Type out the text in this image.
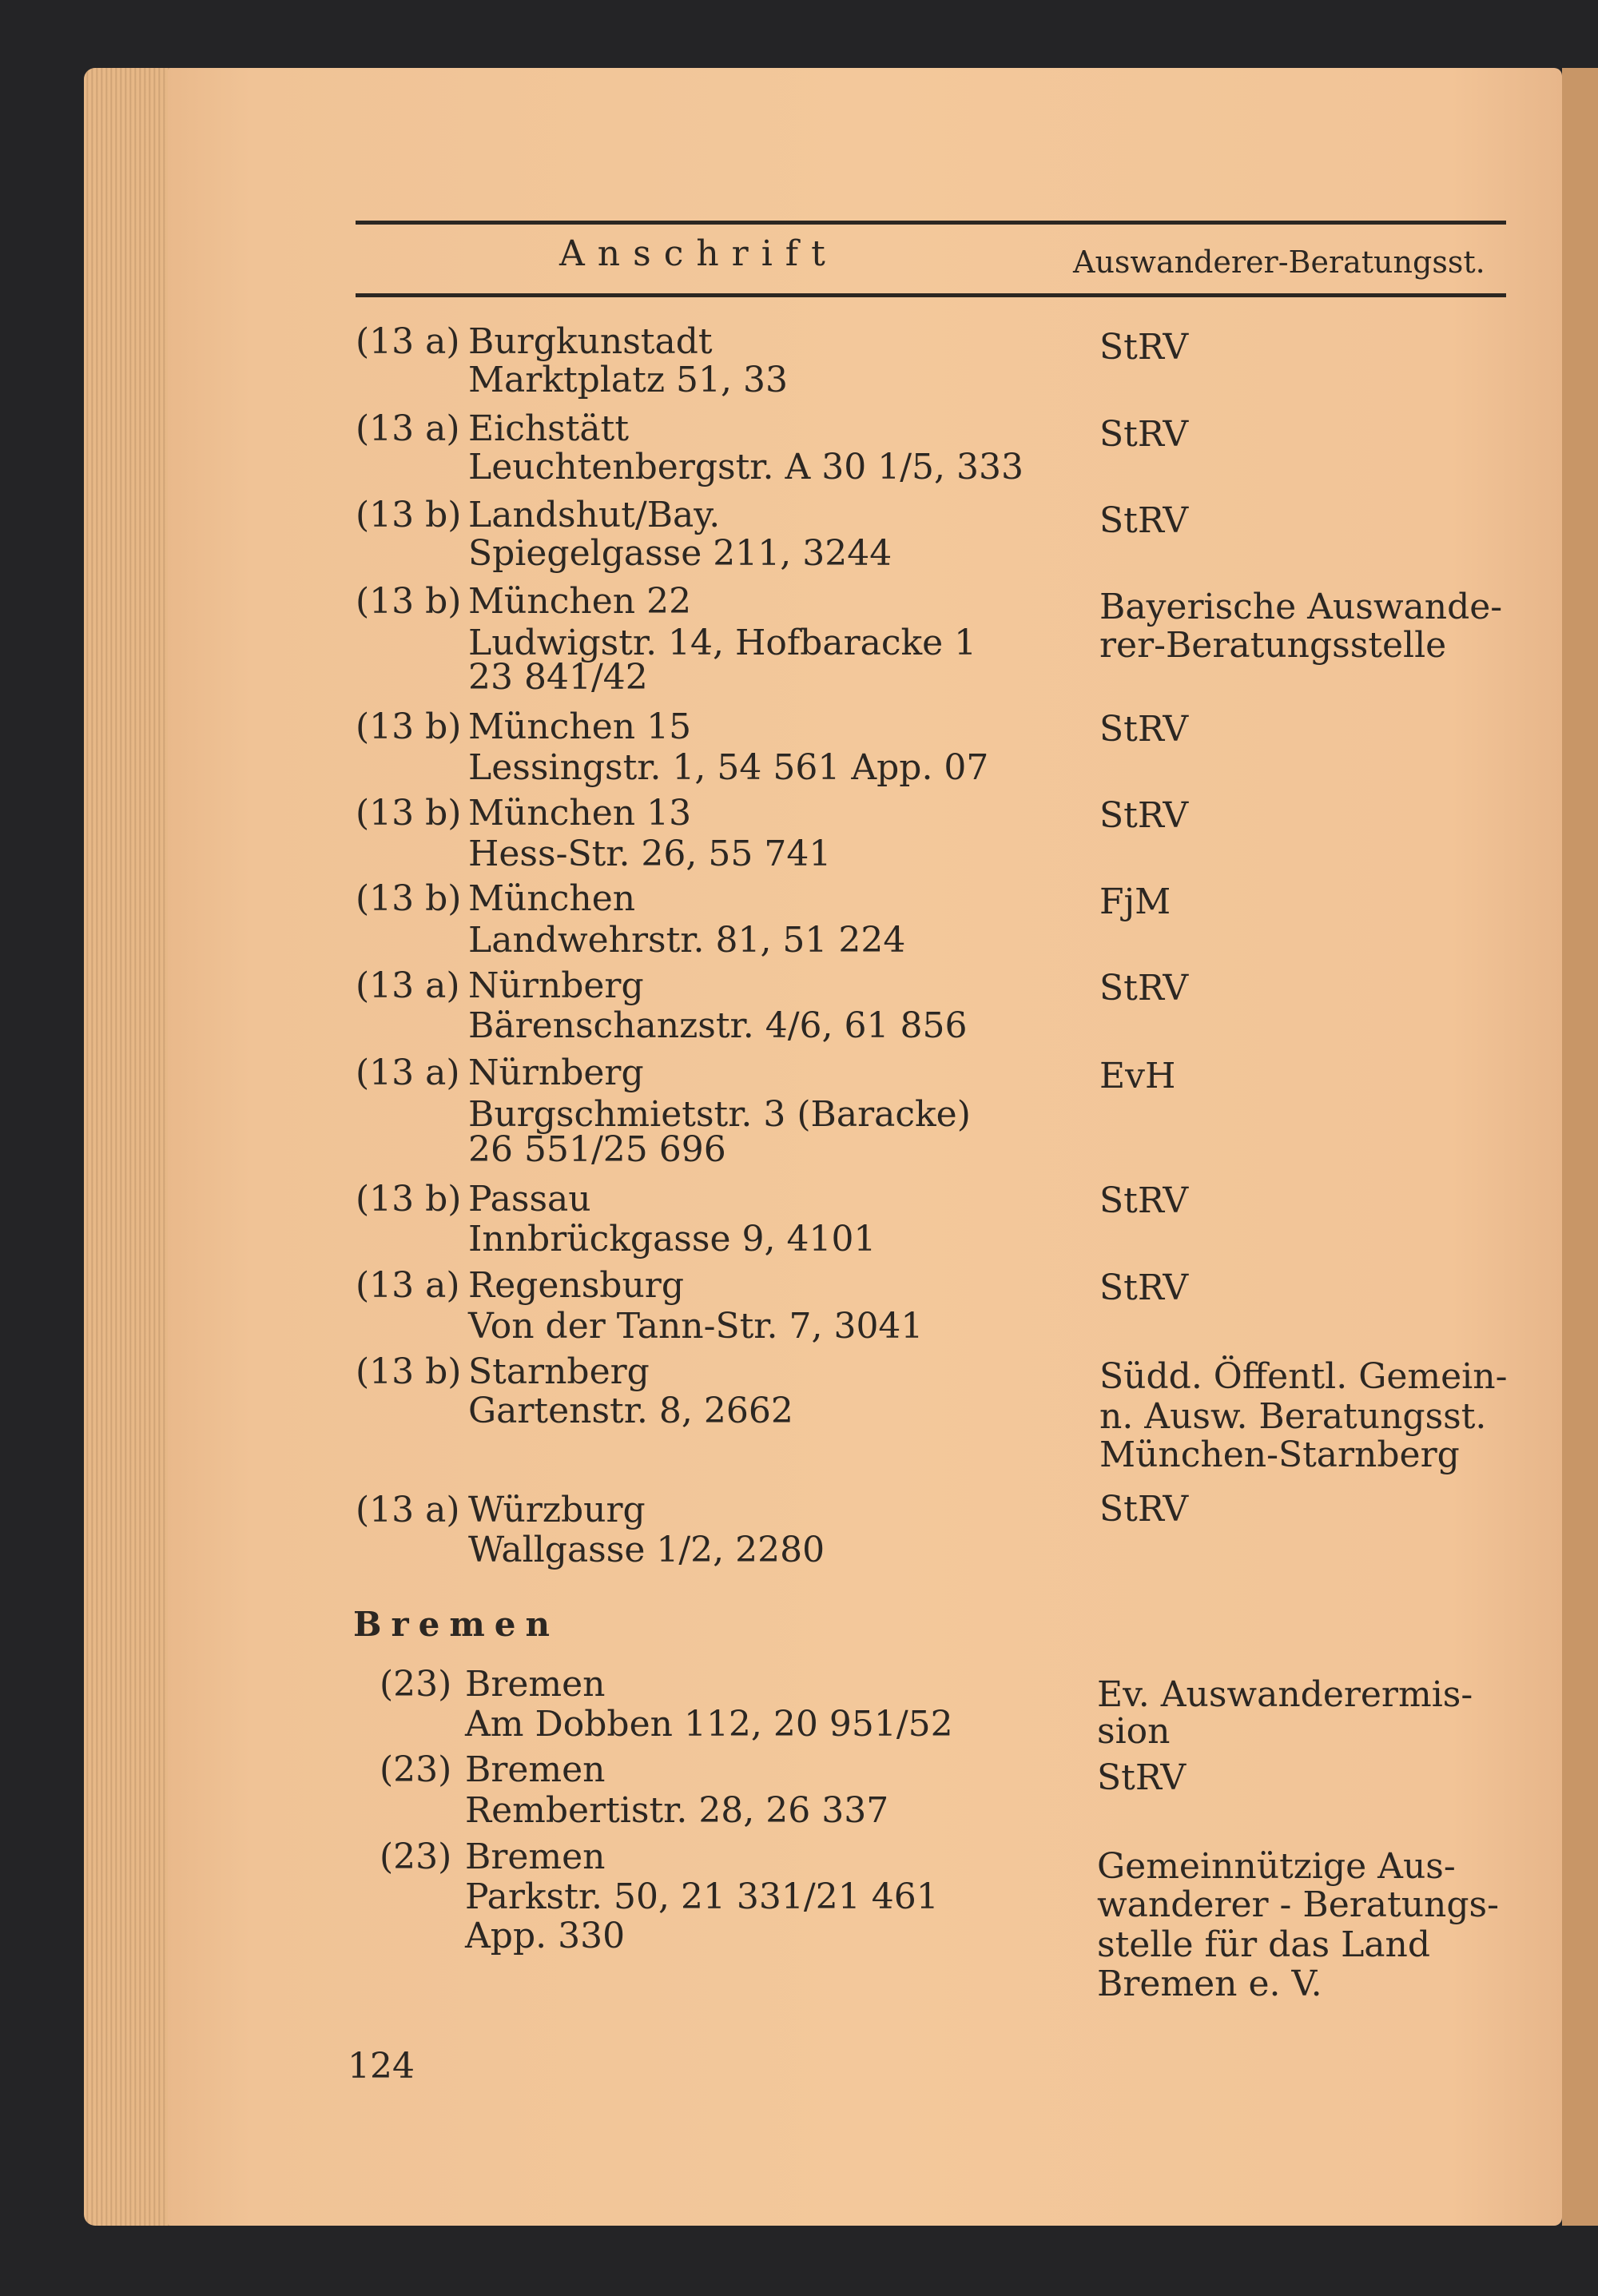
Anschrift	Auswanderer-Beratungsst.

(13 a) Burgkunstadt

Marktplatz 51, 33

StRV

(13 a) Eichstätt

Leuchtenbergstr. A 30 1/5, 333

StRV

(13 b) Landshut/Bay.

Spiegelgasse 211, 3244

StRV

(13 b) München 22

Ludwigstr. 14, Hofbaracke 1

23 841/42

Bayerische Auswande-

rer-Beratungsstelle

(13 b) München 15

Lessingstr. 1, 54 561 App. 07

StRV

(13 b) München 13

Hess-Str. 26, 55 741

StRV

(13 b) München

Landwehrstr. 81, 51 224

FjM

(13 a) Nürnberg

Bärenschanzstr. 4/6, 61 856

StRV

(13 a) Nürnberg

Burgschmietstr. 3 (Baracke)

26 551/25 696

EvH

(13 b) Passau

Innbrückgasse 9, 4101

StRV

(13 a) Regensburg

Von der Tann-Str. 7, 3041

StRV

(13 b) Starnberg

Gartenstr. 8, 2662

Südd. Öffentl. Gemein-

n. Ausw. Beratungsst.

München-Starnberg

(13 a) Würzburg

Wallgasse 1/2, 2280

StRV

Bremen

(23) Bremen

Am Dobben 112, 20 951/52

Ev. Auswanderermis-

sion

(23) Bremen

Rembertistr. 28, 26 337

StRV

(23) Bremen

Parkstr. 50, 21 331/21 461

App. 330

Gemeinnützige Aus-

wanderer - Beratungs-

stelle für das Land

Bremen e. V.

124
